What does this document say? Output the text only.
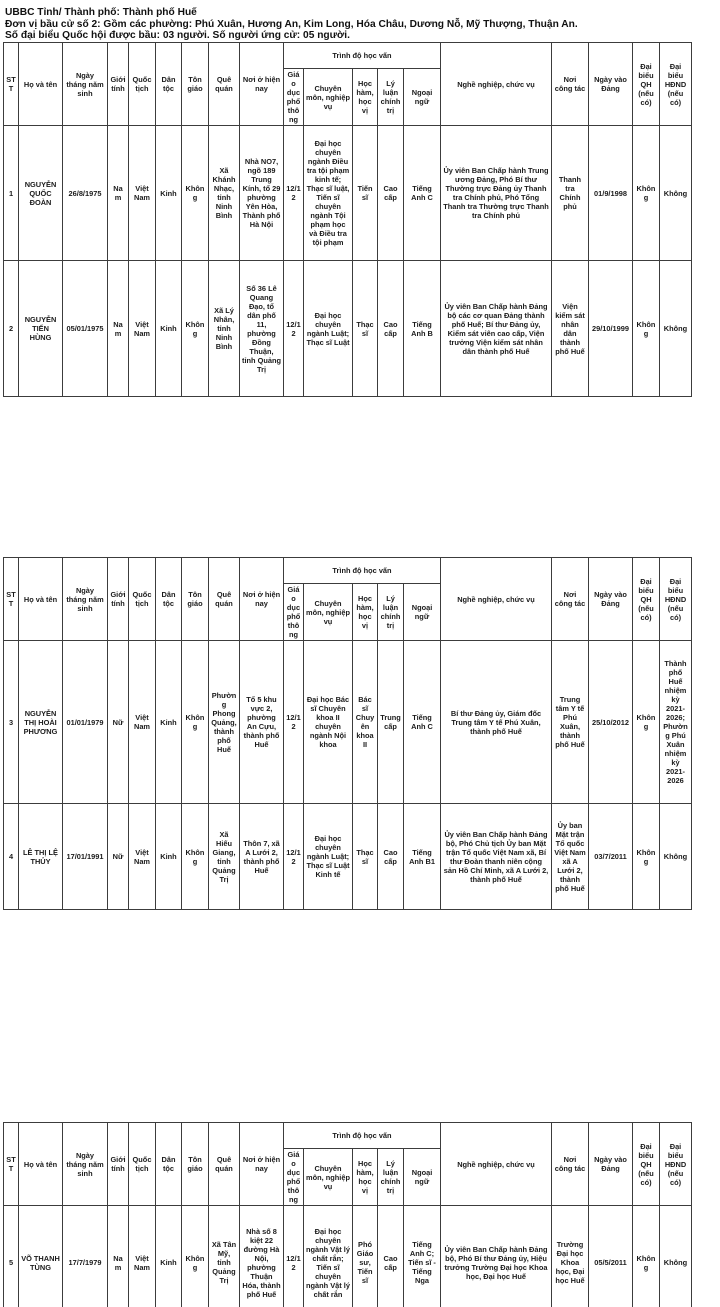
UBBC Tỉnh/ Thành phố: Thành phố Huế
Đơn vị bầu cử số 2: Gồm các phường: Phú Xuân, Hương An, Kim Long, Hóa Châu, Dương Nỗ, Mỹ Thượng, Thuận An.
Số đại biểu Quốc hội được bầu: 03 người. Số người ứng cử: 05 người.
STT	Họ và tên	Ngày tháng năm sinh	Giới tính	Quốc tịch	Dân tộc	Tôn giáo	Quê quán	Nơi ở hiện nay	Trình độ học vấn					Nghề nghiệp, chức vụ	Nơi công tác	Ngày vào Đảng	Đại biểu QH (nếu có)	Đại biểu HĐND (nếu có)
									Giáo dục phổ thông	Chuyên môn, nghiệp vụ	Học hàm, học vị	Lý luận chính trị	Ngoại ngữ					
1	NGUYỄN QUỐC ĐOÀN	26/8/1975	Nam	Việt Nam	Kinh	Không	Xã Khánh Nhạc, tỉnh Ninh Bình	Nhà NO7, ngõ 189 Trung Kính, tổ 29 phường Yên Hòa, Thành phố Hà Nội	12/12	Đại học chuyên ngành Điều tra tội phạm kinh tế; Thạc sĩ luật, Tiến sĩ chuyên ngành Tội phạm học và Điều tra tội phạm	Tiến sĩ	Cao cấp	Tiếng Anh C	Ủy viên Ban Chấp hành Trung ương Đảng, Phó Bí thư Thường trực Đảng ủy Thanh tra Chính phủ, Phó Tổng Thanh tra Thường trực Thanh tra Chính phủ	Thanh tra Chính phủ	01/9/1998	Không	Không
2	NGUYỄN TIẾN HÙNG	05/01/1975	Nam	Việt Nam	Kinh	Không	Xã Lý Nhân, tỉnh Ninh Bình	Số 36 Lê Quang Đạo, tổ dân phố 11, phường Đồng Thuận, tỉnh Quảng Trị	12/12	Đại học chuyên ngành Luật; Thạc sĩ Luật	Thạc sĩ	Cao cấp	Tiếng Anh B	Ủy viên Ban Chấp hành Đảng bộ các cơ quan Đảng thành phố Huế; Bí thư Đảng ủy, Kiểm sát viên cao cấp, Viện trưởng Viện kiểm sát nhân dân thành phố Huế	Viện kiểm sát nhân dân thành phố Huế	29/10/1999	Không	Không
STT	Họ và tên	Ngày tháng năm sinh	Giới tính	Quốc tịch	Dân tộc	Tôn giáo	Quê quán	Nơi ở hiện nay	Trình độ học vấn					Nghề nghiệp, chức vụ	Nơi công tác	Ngày vào Đảng	Đại biểu QH (nếu có)	Đại biểu HĐND (nếu có)
									Giáo dục phổ thông	Chuyên môn, nghiệp vụ	Học hàm, học vị	Lý luận chính trị	Ngoại ngữ					
3	NGUYỄN THỊ HOÀI PHƯƠNG	01/01/1979	Nữ	Việt Nam	Kinh	Không	Phường Phong Quảng, thành phố Huế	Tổ 5 khu vực 2, phường An Cựu, thành phố Huế	12/12	Đại học Bác sĩ Chuyên khoa II chuyên ngành Nội khoa	Bác sĩ Chuyên khoa II	Trung cấp	Tiếng Anh C	Bí thư Đảng ủy, Giám đốc Trung tâm Y tế Phú Xuân, thành phố Huế	Trung tâm Y tế Phú Xuân, thành phố Huế	25/10/2012	Không	Thành phố Huế nhiệm kỳ 2021- 2026; Phường Phú Xuân nhiệm kỳ 2021- 2026
4	LÊ THỊ LỆ THỦY	17/01/1991	Nữ	Việt Nam	Kinh	Không	Xã Hiếu Giang, tỉnh Quảng Trị	Thôn 7, xã A Lưới 2, thành phố Huế	12/12	Đại học chuyên ngành Luật; Thạc sĩ Luật Kinh tế	Thạc sĩ	Cao cấp	Tiếng Anh B1	Ủy viên Ban Chấp hành Đảng bộ, Phó Chủ tịch Ủy ban Mặt trận Tổ quốc Việt Nam xã, Bí thư Đoàn thanh niên cộng sản Hồ Chí Minh, xã A Lưới 2, thành phố Huế	Ủy ban Mặt trận Tổ quốc Việt Nam xã A Lưới 2, thành phố Huế	03/7/2011	Không	Không
STT	Họ và tên	Ngày tháng năm sinh	Giới tính	Quốc tịch	Dân tộc	Tôn giáo	Quê quán	Nơi ở hiện nay	Trình độ học vấn					Nghề nghiệp, chức vụ	Nơi công tác	Ngày vào Đảng	Đại biểu QH (nếu có)	Đại biểu HĐND (nếu có)
									Giáo dục phổ thông	Chuyên môn, nghiệp vụ	Học hàm, học vị	Lý luận chính trị	Ngoại ngữ					
5	VÕ THANH TÙNG	17/7/1979	Nam	Việt Nam	Kinh	Không	Xã Tân Mỹ, tỉnh Quảng Trị	Nhà số 8 kiệt 22 đường Hà Nội, phường Thuận Hóa, thành phố Huế	12/12	Đại học chuyên ngành Vật lý chất rắn; Tiến sĩ chuyên ngành Vật lý chất rắn	Phó Giáo sư, Tiến sĩ	Cao cấp	Tiếng Anh C; Tiến sĩ - Tiếng Nga	Ủy viên Ban Chấp hành Đảng bộ, Phó Bí thư Đảng ủy, Hiệu trưởng Trường Đại học Khoa học, Đại học Huế	Trường Đại học Khoa học, Đại học Huế	05/5/2011	Không	Không
